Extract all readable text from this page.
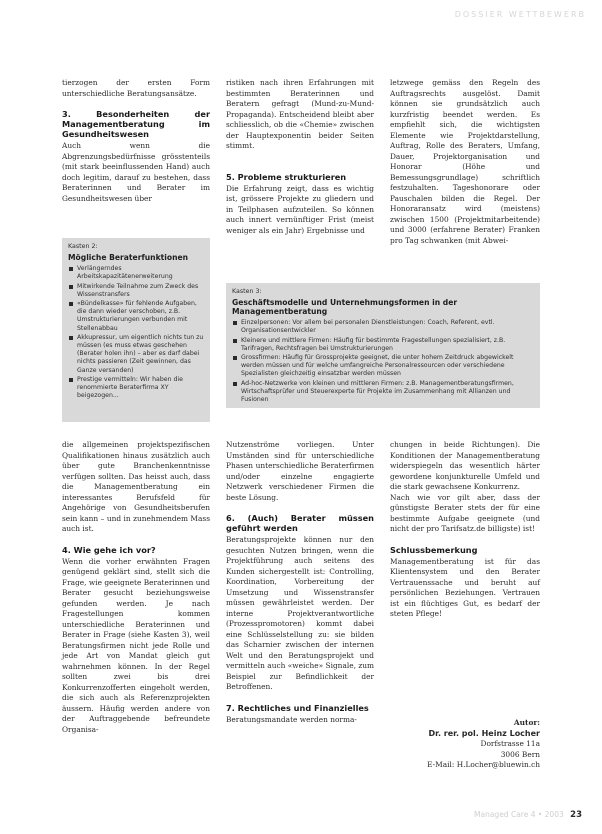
DOSSIER WETTBEWERB

tierzogen der ersten Form unterschiedliche Beratungsansätze.

3. Besonderheiten der Managementberatung im Gesundheitswesen

Auch wenn die Abgrenzungsbedürfnisse grösstenteils (mit stark beeinflussenden Hand) auch doch legitim, darauf zu bestehen, dass Beraterinnen und Berater im Gesundheitswesen über

ristiken nach ihren Erfahrungen mit bestimmten Beraterinnen und Beratern gefragt (Mund-zu-Mund-Propaganda). Entscheidend bleibt aber schliesslich, ob die «Chemie» zwischen der Hauptexponentin beider Seiten stimmt.

5. Probleme strukturieren

Die Erfahrung zeigt, dass es wichtig ist, grössere Projekte zu gliedern und in Teilphasen aufzuteilen. So können auch innert vernünftiger Frist (meist weniger als ein Jahr) Ergebnisse und

letzwege gemäss den Regeln des Auftragsrechts ausgelöst. Damit können sie grundsätzlich auch kurzfristig beendet werden. Es empfiehlt sich, die wichtigsten Elemente wie Projektdarstellung, Auftrag, Rolle des Beraters, Umfang, Dauer, Projektorganisation und Honorar (Höhe und Bemessungsgrundlage) schriftlich festzuhalten. Tageshonorare oder Pauschalen bilden die Regel. Der Honoraransatz wird (meistens) zwischen 1500 (Projektmitarbeitende) und 3000 (erfahrene Berater) Franken pro Tag schwanken (mit Abwei-

Kasten 2:
Mögliche Beraterfunktionen
Verlängerndes Arbeitskapazitätenerweiterung
Mitwirkende Teilnahme zum Zweck des Wissenstransfers
«Bündelkasse» für fehlende Aufgaben, die dann wieder verschoben, z.B. Umstrukturierungen verbunden mit Stellenabbau
Akkupressur, um eigentlich nichts tun zu müssen (es muss etwas geschehen (Berater holen ihn) – aber es darf dabei nichts passieren (Zeit gewinnen, das Ganze versanden)
Prestige vermitteln: Wir haben die renommierte Beraterfirma XY beigezogen...
Kasten 3:
Geschäftsmodelle und Unternehmungsformen in der Managementberatung
Einzelpersonen: Vor allem bei personalen Dienstleistungen: Coach, Referent, evtl. Organisationsentwickler
Kleinere und mittlere Firmen: Häufig für bestimmte Fragestellungen spezialisiert, z.B. Tarifragen, Rechtsfragen bei Umstrukturierungen
Grossfirmen: Häufig für Grossprojekte geeignet, die unter hohem Zeitdruck abgewickelt werden müssen und für welche umfangreiche Personalressourcen oder verschiedene Spezialisten gleichzeitig einsatzbar werden müssen
Ad-hoc-Netzwerke von kleinen und mittleren Firmen: z.B. Managementberatungsfirmen, Wirtschaftsprüfer und Steuerexperte für Projekte im Zusammenhang mit Allianzen und Fusionen

die allgemeinen projektspezifischen Qualifikationen hinaus zusätzlich auch über gute Branchenkenntnisse verfügen sollten. Das heisst auch, dass die Managementberatung ein interessantes Berufsfeld für Angehörige von Gesundheitsberufen sein kann – und in zunehmendem Mass auch ist.

4. Wie gehe ich vor?

Wenn die vorher erwähnten Fragen genügend geklärt sind, stellt sich die Frage, wie geeignete Beraterinnen und Berater gesucht beziehungsweise gefunden werden. Je nach Fragestellungen kommen unterschiedliche Beraterinnen und Berater in Frage (siehe Kasten 3), weil Beratungsfirmen nicht jede Rolle und jede Art von Mandat gleich gut wahrnehmen können. In der Regel sollten zwei bis drei Konkurrenzofferten eingeholt werden, die sich auch als Referenzprojekten äussern. Häufig werden andere von der Auftraggebende befreundete Organisa-

Nutzenströme vorliegen. Unter Umständen sind für unterschiedliche Phasen unterschiedliche Beraterfirmen und/oder einzelne engagierte Netzwerk verschiedener Firmen die beste Lösung.

6. (Auch) Berater müssen geführt werden

Beratungsprojekte können nur den gesuchten Nutzen bringen, wenn die Projektführung auch seitens des Kunden sichergestellt ist: Controlling, Koordination, Vorbereitung der Umsetzung und Wissenstransfer müssen gewährleistet werden. Der interne Projektverantwortliche (Prozesspromotoren) kommt dabei eine Schlüsselstellung zu: sie bilden das Scharnier zwischen der internen Welt und den Beratungsprojekt und vermitteln auch «weiche» Signale, zum Beispiel zur Befindlichkeit der Betroffenen.

7. Rechtliches und Finanzielles

Beratungsmandate werden norma-

chungen in beide Richtungen). Die Konditionen der Managementberatung widerspiegeln das wesentlich härter gewordene konjunkturelle Umfeld und die stark gewachsene Konkurrenz.

Nach wie vor gilt aber, dass der günstigste Berater stets der für eine bestimmte Aufgabe geeignete (und nicht der pro Tarifsatz.de billigste) ist!

Schlussbemerkung

Managementberatung ist für das Klientensystem und den Berater Vertrauenssache und beruht auf persönlichen Beziehungen. Vertrauen ist ein flüchtiges Gut, es bedarf der steten Pflege!

Autor:
Dr. rer. pol. Heinz Locher
Dorfstrasse 11a
3006 Bern
E-Mail: H.Locher@bluewin.ch
Managed Care 4 • 2003 23
